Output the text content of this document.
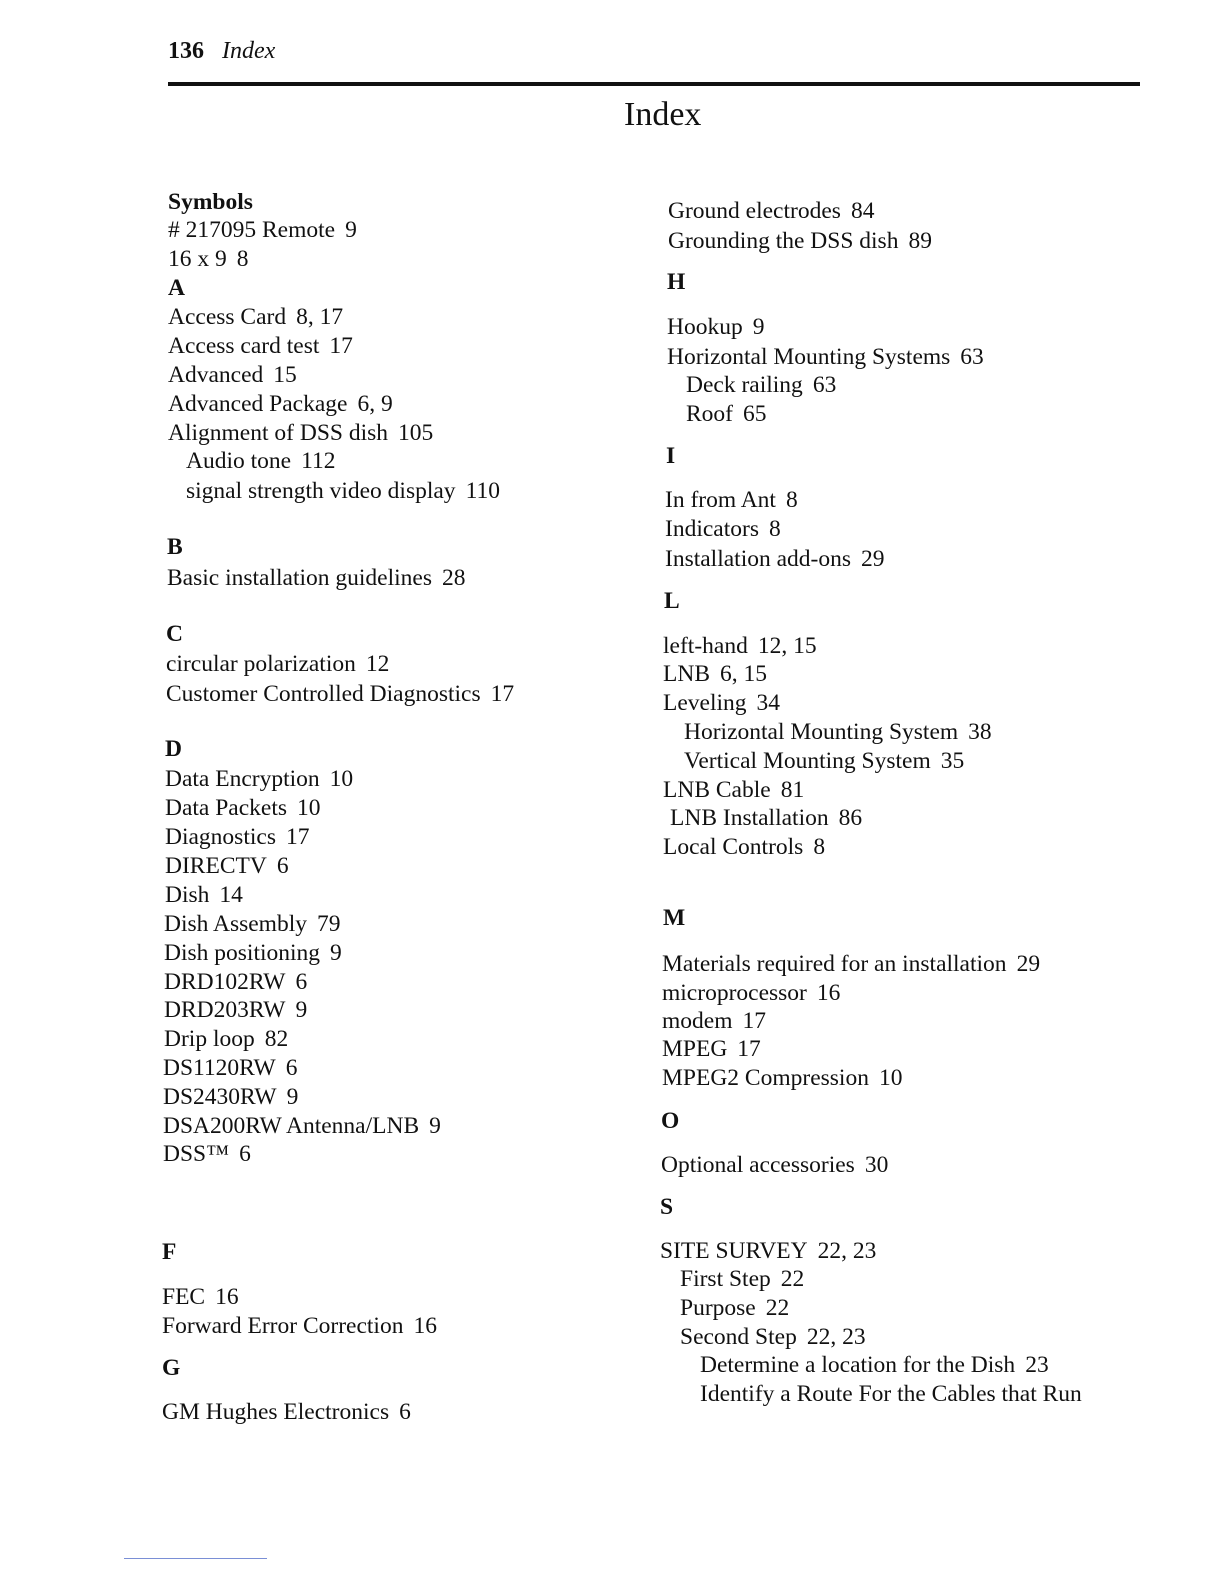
136 Index
Index
Symbols
# 217095 Remote 9
16 x 9 8
A
Access Card 8, 17
Access card test 17
Advanced 15
Advanced Package 6, 9
Alignment of DSS dish 105
Audio tone 112
signal strength video display 110
B
Basic installation guidelines 28
C
circular polarization 12
Customer Controlled Diagnostics 17
D
Data Encryption 10
Data Packets 10
Diagnostics 17
DIRECTV 6
Dish 14
Dish Assembly 79
Dish positioning 9
DRD102RW 6
DRD203RW 9
Drip loop 82
DS1120RW 6
DS2430RW 9
DSA200RW Antenna/LNB 9
DSS™ 6
F
FEC 16
Forward Error Correction 16
G
GM Hughes Electronics 6
Ground electrodes 84
Grounding the DSS dish 89
H
Hookup 9
Horizontal Mounting Systems 63
Deck railing 63
Roof 65
I
In from Ant 8
Indicators 8
Installation add-ons 29
L
left-hand 12, 15
LNB 6, 15
Leveling 34
Horizontal Mounting System 38
Vertical Mounting System 35
LNB Cable 81
LNB Installation 86
Local Controls 8
M
Materials required for an installation 29
microprocessor 16
modem 17
MPEG 17
MPEG2 Compression 10
O
Optional accessories 30
S
SITE SURVEY 22, 23
First Step 22
Purpose 22
Second Step 22, 23
Determine a location for the Dish 23
Identify a Route For the Cables that Run
